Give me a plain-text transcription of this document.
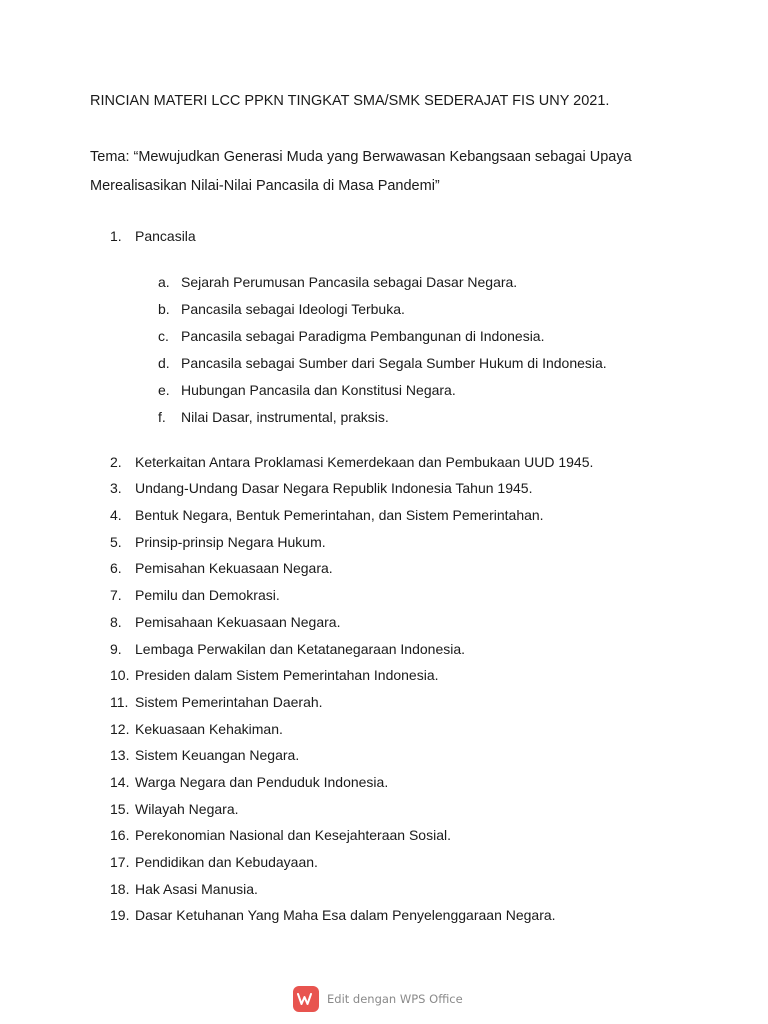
RINCIAN MATERI LCC PPKN TINGKAT SMA/SMK SEDERAJAT FIS UNY 2021.
Tema: “Mewujudkan Generasi Muda yang Berwawasan Kebangsaan sebagai Upaya
Merealisasikan Nilai-Nilai Pancasila di Masa Pandemi”
1. Pancasila
a. Sejarah Perumusan Pancasila sebagai Dasar Negara.
b. Pancasila sebagai Ideologi Terbuka.
c. Pancasila sebagai Paradigma Pembangunan di Indonesia.
d. Pancasila sebagai Sumber dari Segala Sumber Hukum di Indonesia.
e. Hubungan Pancasila dan Konstitusi Negara.
f. Nilai Dasar, instrumental, praksis.
2. Keterkaitan Antara Proklamasi Kemerdekaan dan Pembukaan UUD 1945.
3. Undang-Undang Dasar Negara Republik Indonesia Tahun 1945.
4. Bentuk Negara, Bentuk Pemerintahan, dan Sistem Pemerintahan.
5. Prinsip-prinsip Negara Hukum.
6. Pemisahan Kekuasaan Negara.
7. Pemilu dan Demokrasi.
8. Pemisahaan Kekuasaan Negara.
9. Lembaga Perwakilan dan Ketatanegaraan Indonesia.
10. Presiden dalam Sistem Pemerintahan Indonesia.
11. Sistem Pemerintahan Daerah.
12. Kekuasaan Kehakiman.
13. Sistem Keuangan Negara.
14. Warga Negara dan Penduduk Indonesia.
15. Wilayah Negara.
16. Perekonomian Nasional dan Kesejahteraan Sosial.
17. Pendidikan dan Kebudayaan.
18. Hak Asasi Manusia.
19. Dasar Ketuhanan Yang Maha Esa dalam Penyelenggaraan Negara.
Edit dengan WPS Office
